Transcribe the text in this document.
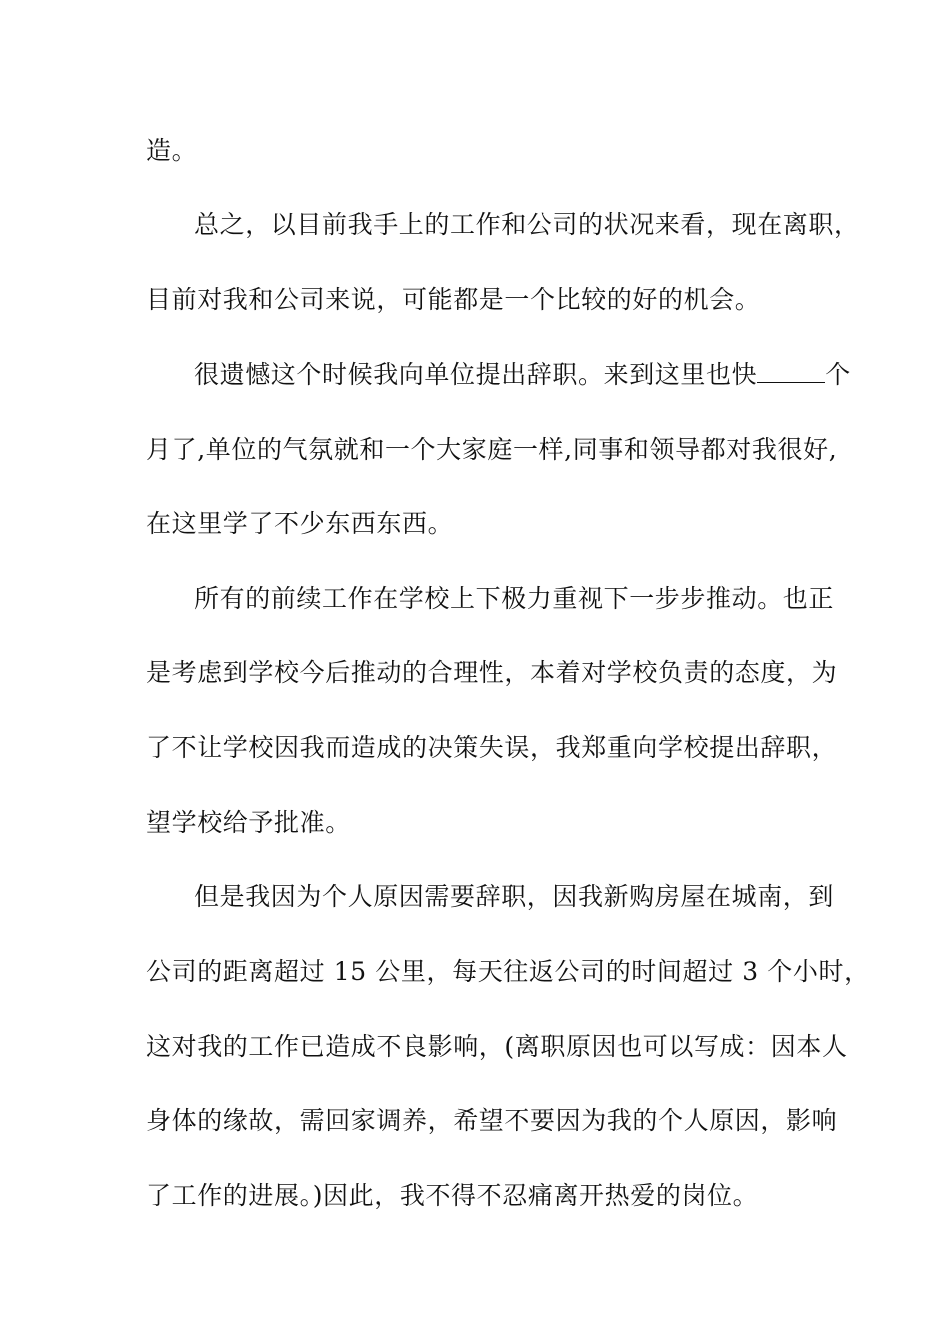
造。
总之，以目前我手上的工作和公司的状况来看，现在离职，
目前对我和公司来说，可能都是一个比较的好的机会。
很遗憾这个时候我向单位提出辞职。来到这里也快	个
月了,单位的气氛就和一个大家庭一样,同事和领导都对我很好,
在这里学了不少东西东西。
所有的前续工作在学校上下极力重视下一步步推动。也正
是考虑到学校今后推动的合理性，本着对学校负责的态度，为
了不让学校因我而造成的决策失误，我郑重向学校提出辞职，
望学校给予批准。
但是我因为个人原因需要辞职，因我新购房屋在城南，到
公司的距离超过 15 公里，每天往返公司的时间超过 3 个小时，
这对我的工作已造成不良影响，(离职原因也可以写成：因本人
身体的缘故，需回家调养，希望不要因为我的个人原因，影响
了工作的进展。)因此，我不得不忍痛离开热爱的岗位。
